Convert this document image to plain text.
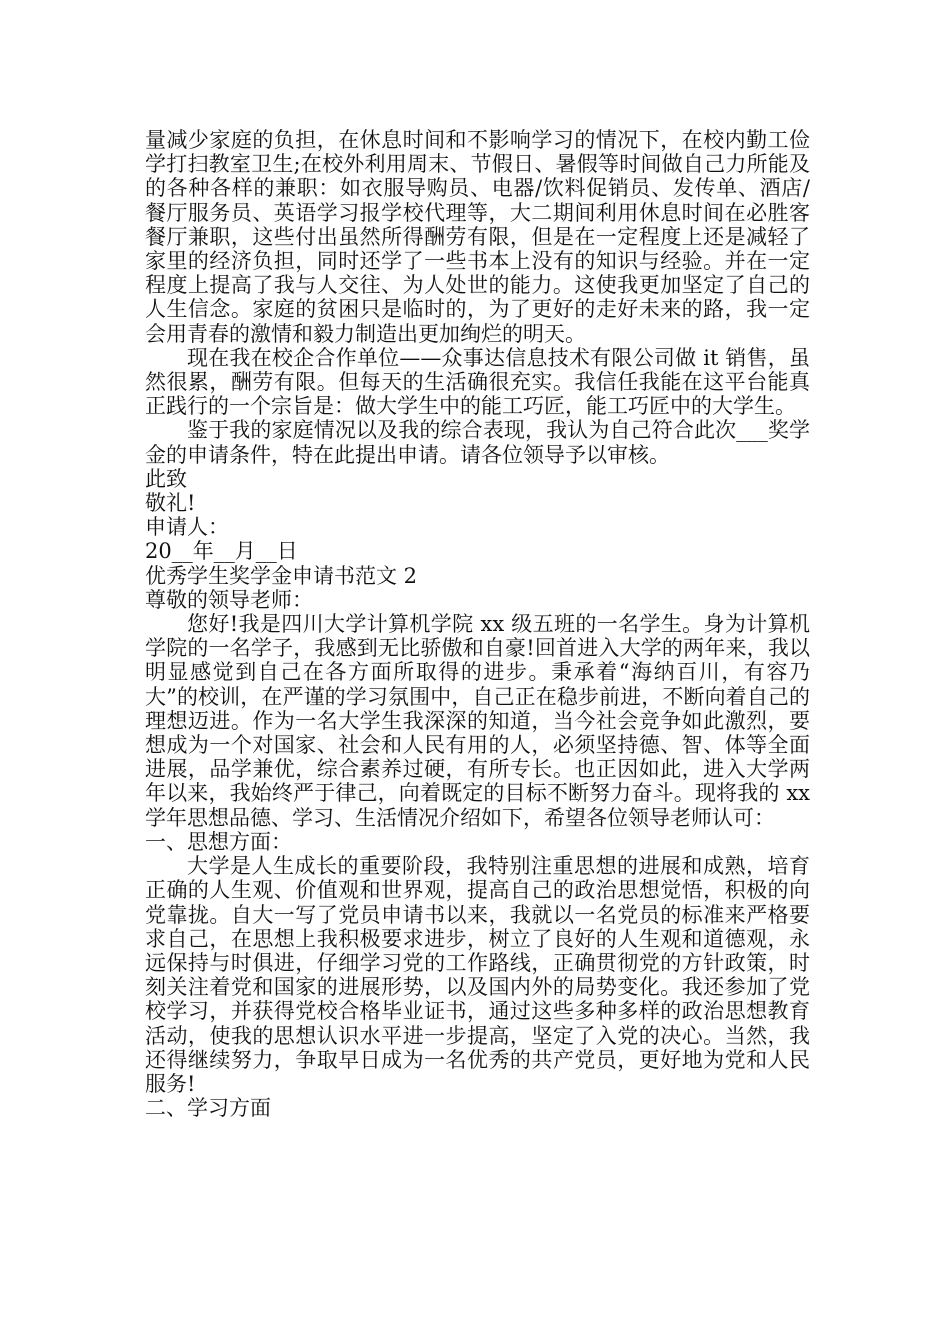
量减少家庭的负担，在休息时间和不影响学习的情况下，在校内勤工俭学打扫教室卫生;在校外利用周末、节假日、暑假等时间做自己力所能及的各种各样的兼职：如衣服导购员、电器/饮料促销员、发传单、酒店/餐厅服务员、英语学习报学校代理等，大二期间利用休息时间在必胜客餐厅兼职，这些付出虽然所得酬劳有限，但是在一定程度上还是减轻了家里的经济负担，同时还学了一些书本上没有的知识与经验。并在一定程度上提高了我与人交往、为人处世的能力。这使我更加坚定了自己的人生信念。家庭的贫困只是临时的，为了更好的走好未来的路，我一定会用青春的激情和毅力制造出更加绚烂的明天。

现在我在校企合作单位——众事达信息技术有限公司做 it 销售，虽然很累，酬劳有限。但每天的生活确很充实。我信任我能在这平台能真正践行的一个宗旨是：做大学生中的能工巧匠，能工巧匠中的大学生。

鉴于我的家庭情况以及我的综合表现，我认为自己符合此次___奖学金的申请条件，特在此提出申请。请各位领导予以审核。

此致

敬礼!

申请人：

20__年__月__日

优秀学生奖学金申请书范文 2

尊敬的领导老师：

您好!我是四川大学计算机学院 xx 级五班的一名学生。身为计算机学院的一名学子，我感到无比骄傲和自豪!回首进入大学的两年来，我以明显感觉到自己在各方面所取得的进步。秉承着“海纳百川，有容乃大”的校训，在严谨的学习氛围中，自己正在稳步前进，不断向着自己的理想迈进。作为一名大学生我深深的知道，当今社会竞争如此激烈，要想成为一个对国家、社会和人民有用的人，必须坚持德、智、体等全面进展，品学兼优，综合素养过硬，有所专长。也正因如此，进入大学两年以来，我始终严于律己，向着既定的目标不断努力奋斗。现将我的 xx 学年思想品德、学习、生活情况介绍如下，希望各位领导老师认可：

一、思想方面：

大学是人生成长的重要阶段，我特别注重思想的进展和成熟，培育正确的人生观、价值观和世界观，提高自己的政治思想觉悟，积极的向党靠拢。自大一写了党员申请书以来，我就以一名党员的标准来严格要求自己，在思想上我积极要求进步，树立了良好的人生观和道德观，永远保持与时俱进，仔细学习党的工作路线，正确贯彻党的方针政策，时刻关注着党和国家的进展形势，以及国内外的局势变化。我还参加了党校学习，并获得党校合格毕业证书，通过这些多种多样的政治思想教育活动，使我的思想认识水平进一步提高，坚定了入党的决心。当然，我还得继续努力，争取早日成为一名优秀的共产党员，更好地为党和人民服务!

二、学习方面
